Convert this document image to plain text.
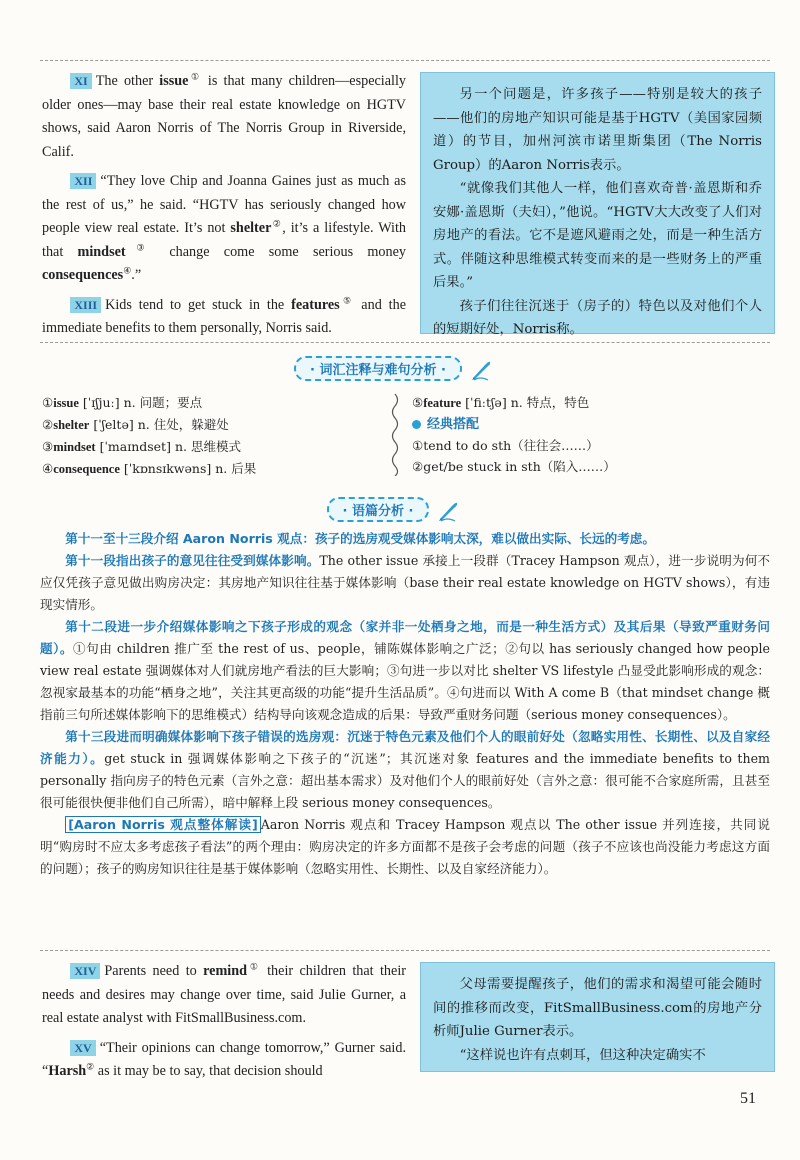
XI The other issue① is that many children—especially older ones—may base their real estate knowledge on HGTV shows, said Aaron Norris of The Norris Group in Riverside, Calif.

XII “They love Chip and Joanna Gaines just as much as the rest of us,” he said. “HGTV has seriously changed how people view real estate. It’s not shelter②, it’s a lifestyle. With that mindset③ change come some serious money consequences④.”

XIII Kids tend to get stuck in the features⑤ and the immediate benefits to them personally, Norris said.

另一个问题是，许多孩子——特别是较大的孩子——他们的房地产知识可能是基于HGTV（美国家园频道）的节目，加州河滨市诺里斯集团（The Norris Group）的Aaron Norris表示。

“就像我们其他人一样，他们喜欢奇普·盖恩斯和乔安娜·盖恩斯（夫妇），”他说。“HGTV大大改变了人们对房地产的看法。它不是遮风避雨之处，而是一种生活方式。伴随这种思维模式转变而来的是一些财务上的严重后果。”

孩子们往往沉迷于（房子的）特色以及对他们个人的短期好处，Norris称。

· 词汇注释与难句分析 ·
①issue [ˈɪʃjuː] n. 问题；要点
②shelter [ˈʃeltə] n. 住处，躲避处
③mindset [ˈmaɪndset] n. 思维模式
④consequence [ˈkɒnsɪkwəns] n. 后果
⑤feature [ˈfiːtʃə] n. 特点，特色
经典搭配
①tend to do sth（往往会……）
②get/be stuck in sth（陷入……）
· 语篇分析 ·

第十一至十三段介绍 Aaron Norris 观点：孩子的选房观受媒体影响太深，难以做出实际、长远的考虑。

第十一段指出孩子的意见往往受到媒体影响。The other issue 承接上一段群（Tracey Hampson 观点），进一步说明为何不应仅凭孩子意见做出购房决定：其房地产知识往往基于媒体影响（base their real estate knowledge on HGTV shows），有违现实情形。

第十二段进一步介绍媒体影响之下孩子形成的观念（家并非一处栖身之地，而是一种生活方式）及其后果（导致严重财务问题）。①句由 children 推广至 the rest of us、people，铺陈媒体影响之广泛；②句以 has seriously changed how people view real estate 强调媒体对人们就房地产看法的巨大影响；③句进一步以对比 shelter VS lifestyle 凸显受此影响形成的观念：忽视家最基本的功能“栖身之地”，关注其更高级的功能“提升生活品质”。④句进而以 With A come B（that mindset change 概指前三句所述媒体影响下的思维模式）结构导向该观念造成的后果：导致严重财务问题（serious money consequences）。

第十三段进而明确媒体影响下孩子错误的选房观：沉迷于特色元素及他们个人的眼前好处（忽略实用性、长期性、以及自家经济能力）。get stuck in 强调媒体影响之下孩子的“沉迷”；其沉迷对象 features and the immediate benefits to them personally 指向房子的特色元素（言外之意：超出基本需求）及对他们个人的眼前好处（言外之意：很可能不合家庭所需，且甚至很可能很快便非他们自己所需），暗中解释上段 serious money consequences。

[Aaron Norris 观点整体解读] Aaron Norris 观点和 Tracey Hampson 观点以 The other issue 并列连接，共同说明“购房时不应太多考虑孩子看法”的两个理由：购房决定的许多方面都不是孩子会考虑的问题（孩子不应该也尚没能力考虑这方面的问题）；孩子的购房知识往往是基于媒体影响（忽略实用性、长期性、以及自家经济能力）。

XIV Parents need to remind① their children that their needs and desires may change over time, said Julie Gurner, a real estate analyst with FitSmallBusiness.com.

XV “Their opinions can change tomorrow,” Gurner said. “Harsh② as it may be to say, that decision should

父母需要提醒孩子，他们的需求和渴望可能会随时间的推移而改变，FitSmallBusiness.com的房地产分析师Julie Gurner表示。

“这样说也许有点刺耳，但这种决定确实不

51
